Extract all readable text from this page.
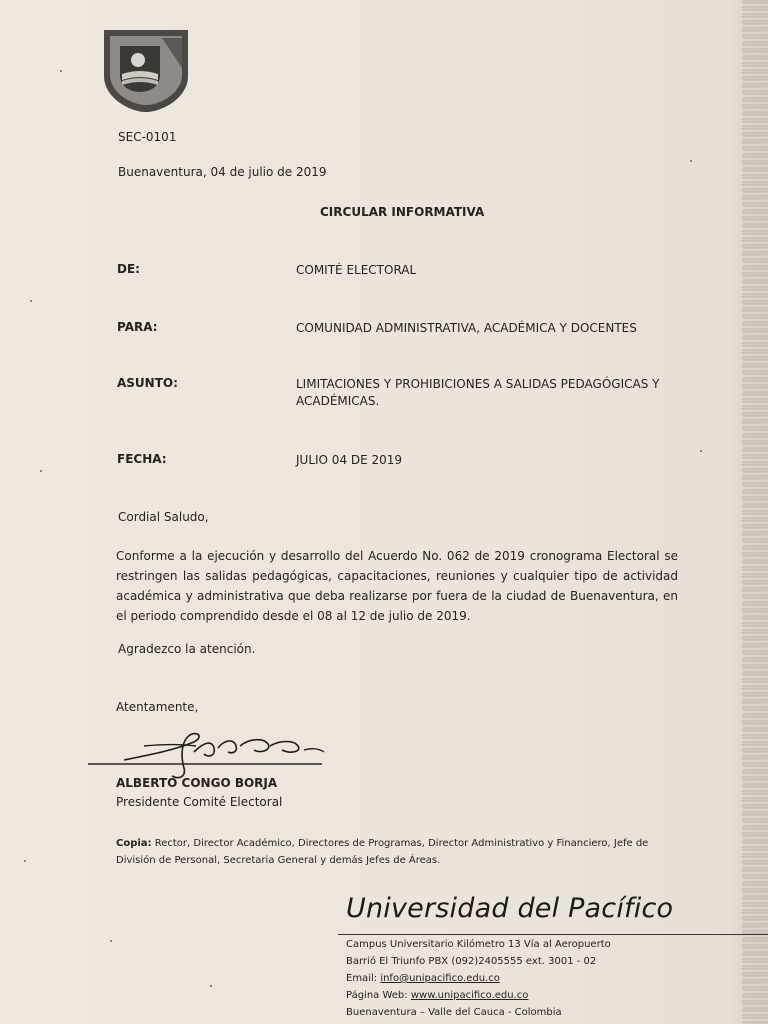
SEC-0101
Buenaventura, 04 de julio de 2019
CIRCULAR INFORMATIVA
DE:	COMITÉ ELECTORAL
PARA:	COMUNIDAD ADMINISTRATIVA, ACADÉMICA Y DOCENTES
ASUNTO:	LIMITACIONES Y PROHIBICIONES A SALIDAS PEDAGÓGICAS Y
ACADÉMICAS.
FECHA:	JULIO 04 DE 2019
Cordial Saludo,
Conforme a la ejecución y desarrollo del Acuerdo No. 062 de 2019 cronograma Electoral se restringen las salidas pedagógicas, capacitaciones, reuniones y cualquier tipo de actividad académica y administrativa que deba realizarse por fuera de la ciudad de Buenaventura, en el periodo comprendido desde el 08 al 12 de julio de 2019.
Agradezco la atención.
Atentamente,
ALBERTO CONGO BORJA
Presidente Comité Electoral
Copia: Rector, Director Académico, Directores de Programas, Director Administrativo y Financiero, Jefe de División de Personal, Secretaria General y demás Jefes de Áreas.
Universidad del Pacífico
Campus Universitario Kilómetro 13 Vía al Aeropuerto
Barrió El Triunfo PBX (092)2405555 ext. 3001 - 02
Email: info@unipacifico.edu.co
Página Web: www.unipacifico.edu.co
Buenaventura – Valle del Cauca - Colombia
